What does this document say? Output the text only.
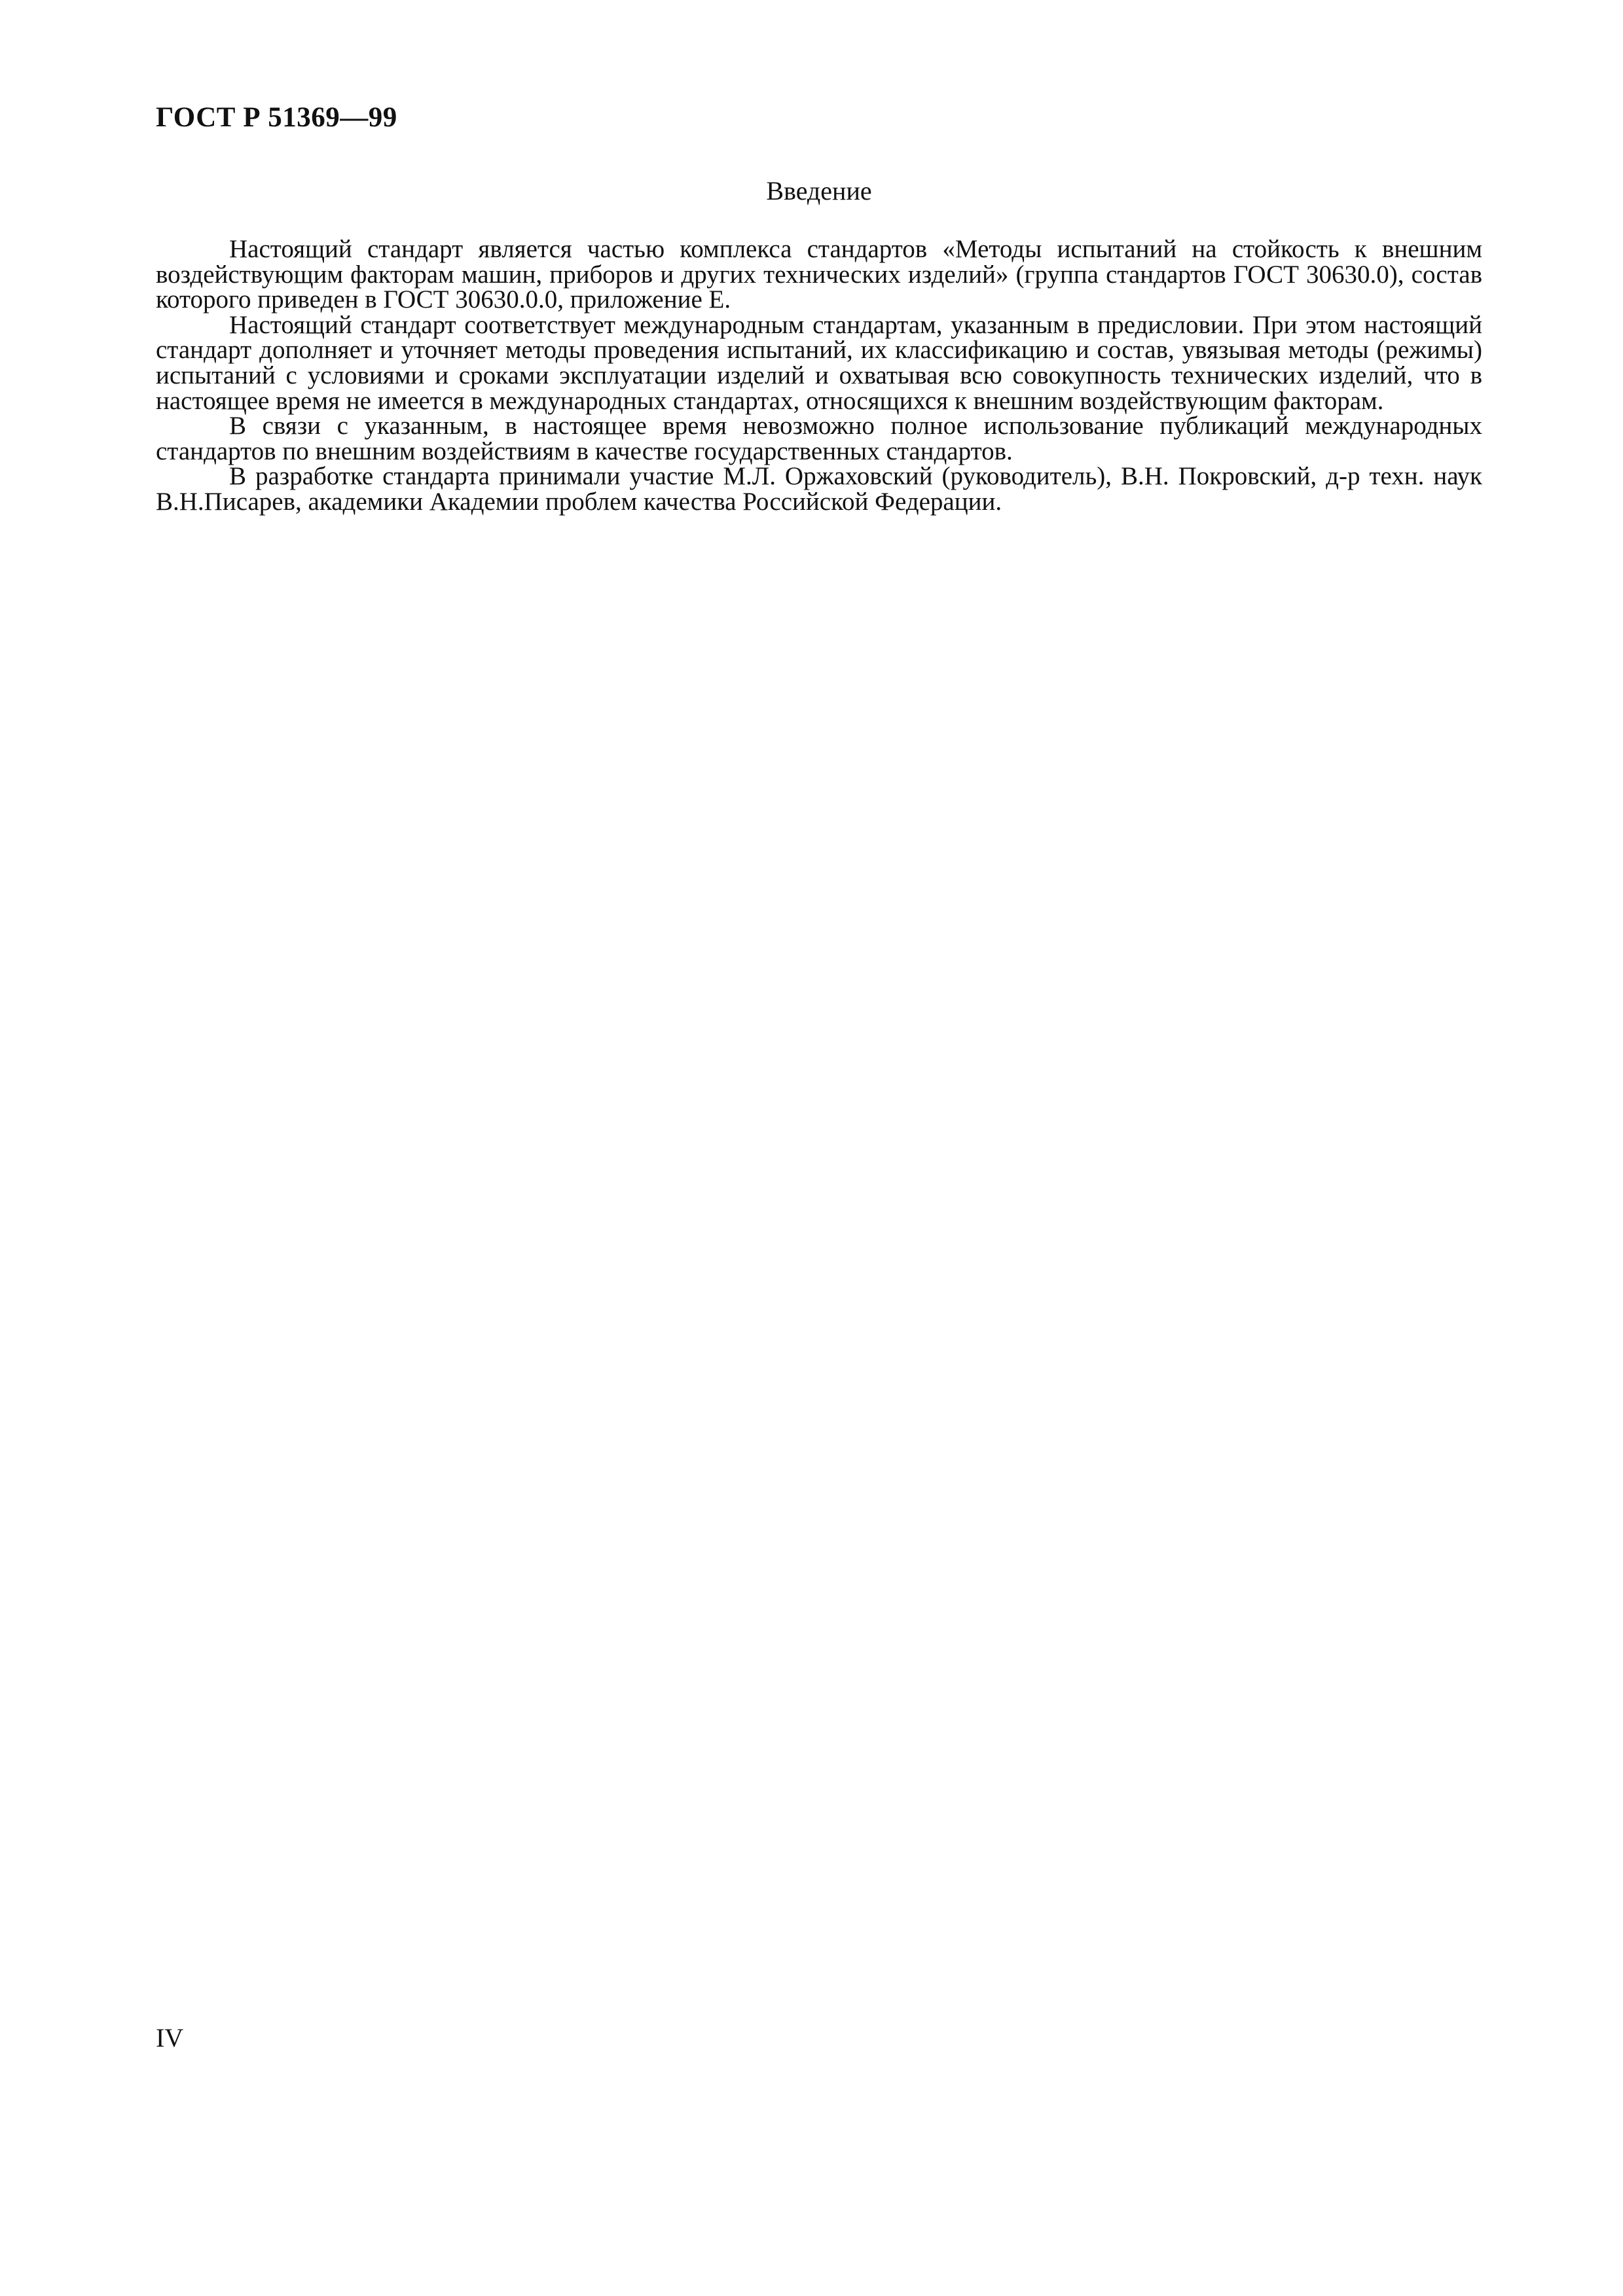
ГОСТ Р 51369—99
Введение

Настоящий стандарт является частью комплекса стандартов «Методы испытаний на стойкость к внешним воздействующим факторам машин, приборов и других технических изделий» (группа стандартов ГОСТ 30630.0), состав которого приведен в ГОСТ 30630.0.0, приложение Е.

Настоящий стандарт соответствует международным стандартам, указанным в предисловии. При этом настоящий стандарт дополняет и уточняет методы проведения испытаний, их классификацию и состав, увязывая методы (режимы) испытаний с условиями и сроками эксплуатации изделий и охватывая всю совокупность технических изделий, что в настоящее время не имеется в международных стандартах, относящихся к внешним воздействующим факторам.

В связи с указанным, в настоящее время невозможно полное использование публикаций международных стандартов по внешним воздействиям в качестве государственных стандартов.

В разработке стандарта принимали участие М.Л. Оржаховский (руководитель), В.Н. Покровский, д-р техн. наук В.Н.Писарев, академики Академии проблем качества Российской Федерации.

IV
